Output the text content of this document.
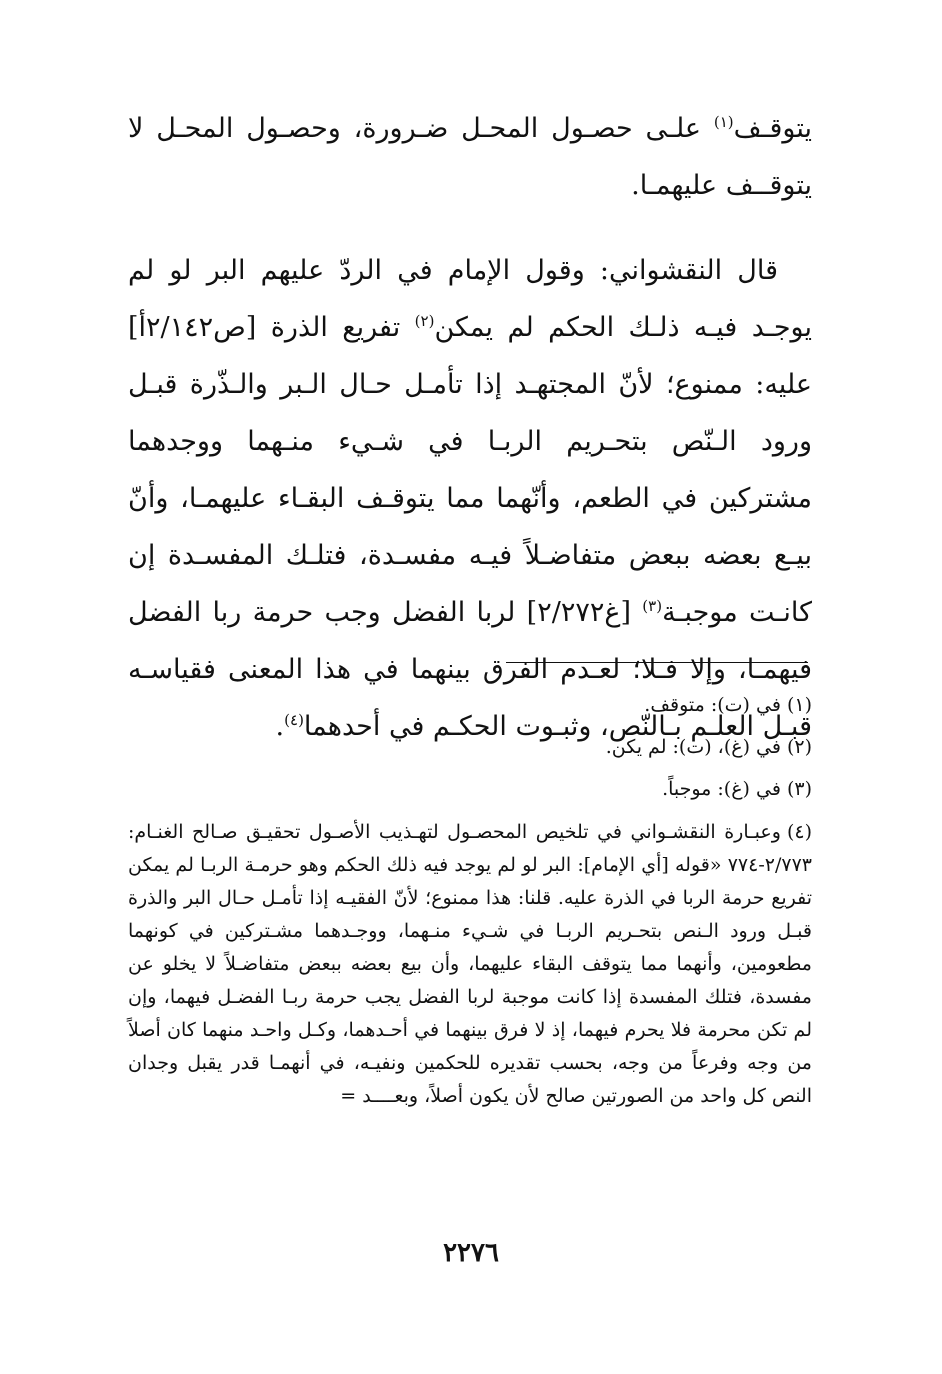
يتوقـف$^{(١)}$ علـى حصـول المحـل ضـرورة، وحصـول المحـل لا يتوقــف عليهمـا.

قال النقشواني: وقول الإمام في الردّ عليهم البر لو لم يوجـد فيـه ذلـك الحكم لم يمكن$^{(٢)}$ تفريع الذرة [ص٢/١٤٢أ] عليه: ممنوع؛ لأنّ المجتهـد إذا تأمـل حـال الـبر والـذّرة قبـل ورود الـنّص بتحـريم الربـا في شـيء منـهما ووجدهما مشتركين في الطعم، وأنّهما مما يتوقـف البقـاء عليهمـا، وأنّ بيـع بعضه ببعض متفاضـلاً فيـه مفسـدة، فتلـك المفسـدة إن كانـت موجبـة$^{(٣)}$ [غ٢/٢٧٢] لربا الفضل وجب حرمة ربا الفضل فيهمـا، وإلا فـلا؛ لعـدم الفرق بينهما في هذا المعنى فقياسـه قبـل العلـم بـالنّص، وثبـوت الحكـم في أحدهما$^{(٤)}$.

(١)في (ت): متوقف.

(٢)في (غ)، (ت): لم يكن.

(٣)في (غ): موجباً.

(٤)وعبـارة النقشـواني في تلخيص المحصـول لتهـذيب الأصـول تحقيـق صـالح الغنـام: ٢/٧٧٣-٧٧٤ «قوله [أي الإمام]: البر لو لم يوجد فيه ذلك الحكم وهو حرمـة الربـا لم يمكن تفريع حرمة الربا في الذرة عليه. قلنا: هذا ممنوع؛ لأنّ الفقيـه إذا تأمـل حـال البر والذرة قبـل ورود الـنص بتحـريم الربـا في شـيء منـهما، ووجـدهما مشـتركين في كونهما مطعومين، وأنهما مما يتوقف البقاء عليهما، وأن بيع بعضه ببعض متفاضـلاً لا يخلو عن مفسدة، فتلك المفسدة إذا كانت موجبة لربا الفضل يجب حرمة ربـا الفضـل فيهما، وإن لم تكن محرمة فلا يحرم فيهما، إذ لا فرق بينهما في أحـدهما، وكـل واحـد منهما كان أصلاً من وجه وفرعاً من وجه، بحسب تقديره للحكمين ونفيـه، في أنهمـا قدر يقبل وجدان النص كل واحد من الصورتين صالح لأن يكون أصلاً، وبعــــد =

٢٢٧٦
